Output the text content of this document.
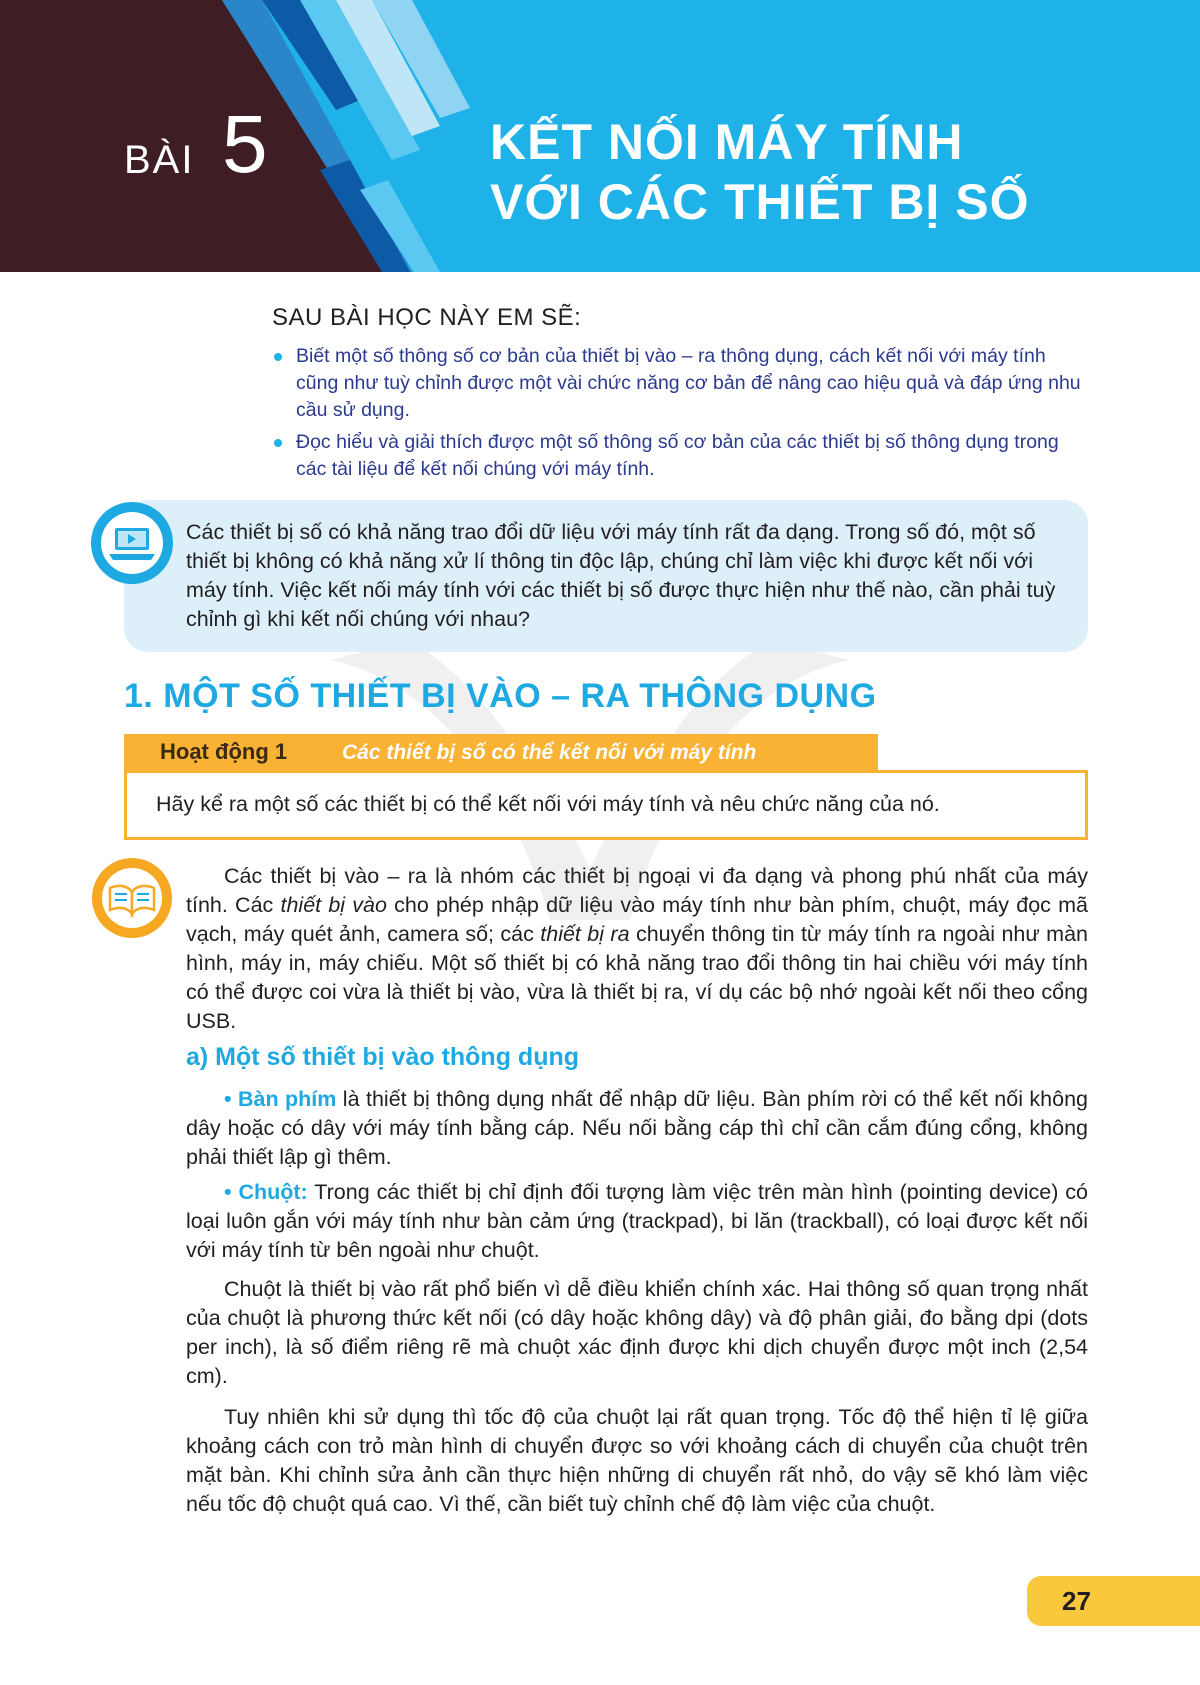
BÀI 5	KẾT NỐI MÁY TÍNH
VỚI CÁC THIẾT BỊ SỐ
SAU BÀI HỌC NÀY EM SẼ:
Biết một số thông số cơ bản của thiết bị vào – ra thông dụng, cách kết nối với máy tính cũng như tuỳ chỉnh được một vài chức năng cơ bản để nâng cao hiệu quả và đáp ứng nhu cầu sử dụng.
Đọc hiểu và giải thích được một số thông số cơ bản của các thiết bị số thông dụng trong các tài liệu để kết nối chúng với máy tính.
Các thiết bị số có khả năng trao đổi dữ liệu với máy tính rất đa dạng. Trong số đó, một số thiết bị không có khả năng xử lí thông tin độc lập, chúng chỉ làm việc khi được kết nối với máy tính. Việc kết nối máy tính với các thiết bị số được thực hiện như thế nào, cần phải tuỳ chỉnh gì khi kết nối chúng với nhau?
1. MỘT SỐ THIẾT BỊ VÀO – RA THÔNG DỤNG
Hoạt động 1	Các thiết bị số có thể kết nối với máy tính
Hãy kể ra một số các thiết bị có thể kết nối với máy tính và nêu chức năng của nó.
Các thiết bị vào – ra là nhóm các thiết bị ngoại vi đa dạng và phong phú nhất của máy tính. Các thiết bị vào cho phép nhập dữ liệu vào máy tính như bàn phím, chuột, máy đọc mã vạch, máy quét ảnh, camera số; các thiết bị ra chuyển thông tin từ máy tính ra ngoài như màn hình, máy in, máy chiếu. Một số thiết bị có khả năng trao đổi thông tin hai chiều với máy tính có thể được coi vừa là thiết bị vào, vừa là thiết bị ra, ví dụ các bộ nhớ ngoài kết nối theo cổng USB.
a) Một số thiết bị vào thông dụng
• Bàn phím là thiết bị thông dụng nhất để nhập dữ liệu. Bàn phím rời có thể kết nối không dây hoặc có dây với máy tính bằng cáp. Nếu nối bằng cáp thì chỉ cần cắm đúng cổng, không phải thiết lập gì thêm.
• Chuột: Trong các thiết bị chỉ định đối tượng làm việc trên màn hình (pointing device) có loại luôn gắn với máy tính như bàn cảm ứng (trackpad), bi lăn (trackball), có loại được kết nối với máy tính từ bên ngoài như chuột.
Chuột là thiết bị vào rất phổ biến vì dễ điều khiển chính xác. Hai thông số quan trọng nhất của chuột là phương thức kết nối (có dây hoặc không dây) và độ phân giải, đo bằng dpi (dots per inch), là số điểm riêng rẽ mà chuột xác định được khi dịch chuyển được một inch (2,54 cm).
Tuy nhiên khi sử dụng thì tốc độ của chuột lại rất quan trọng. Tốc độ thể hiện tỉ lệ giữa khoảng cách con trỏ màn hình di chuyển được so với khoảng cách di chuyển của chuột trên mặt bàn. Khi chỉnh sửa ảnh cần thực hiện những di chuyển rất nhỏ, do vậy sẽ khó làm việc nếu tốc độ chuột quá cao. Vì thế, cần biết tuỳ chỉnh chế độ làm việc của chuột.
27
